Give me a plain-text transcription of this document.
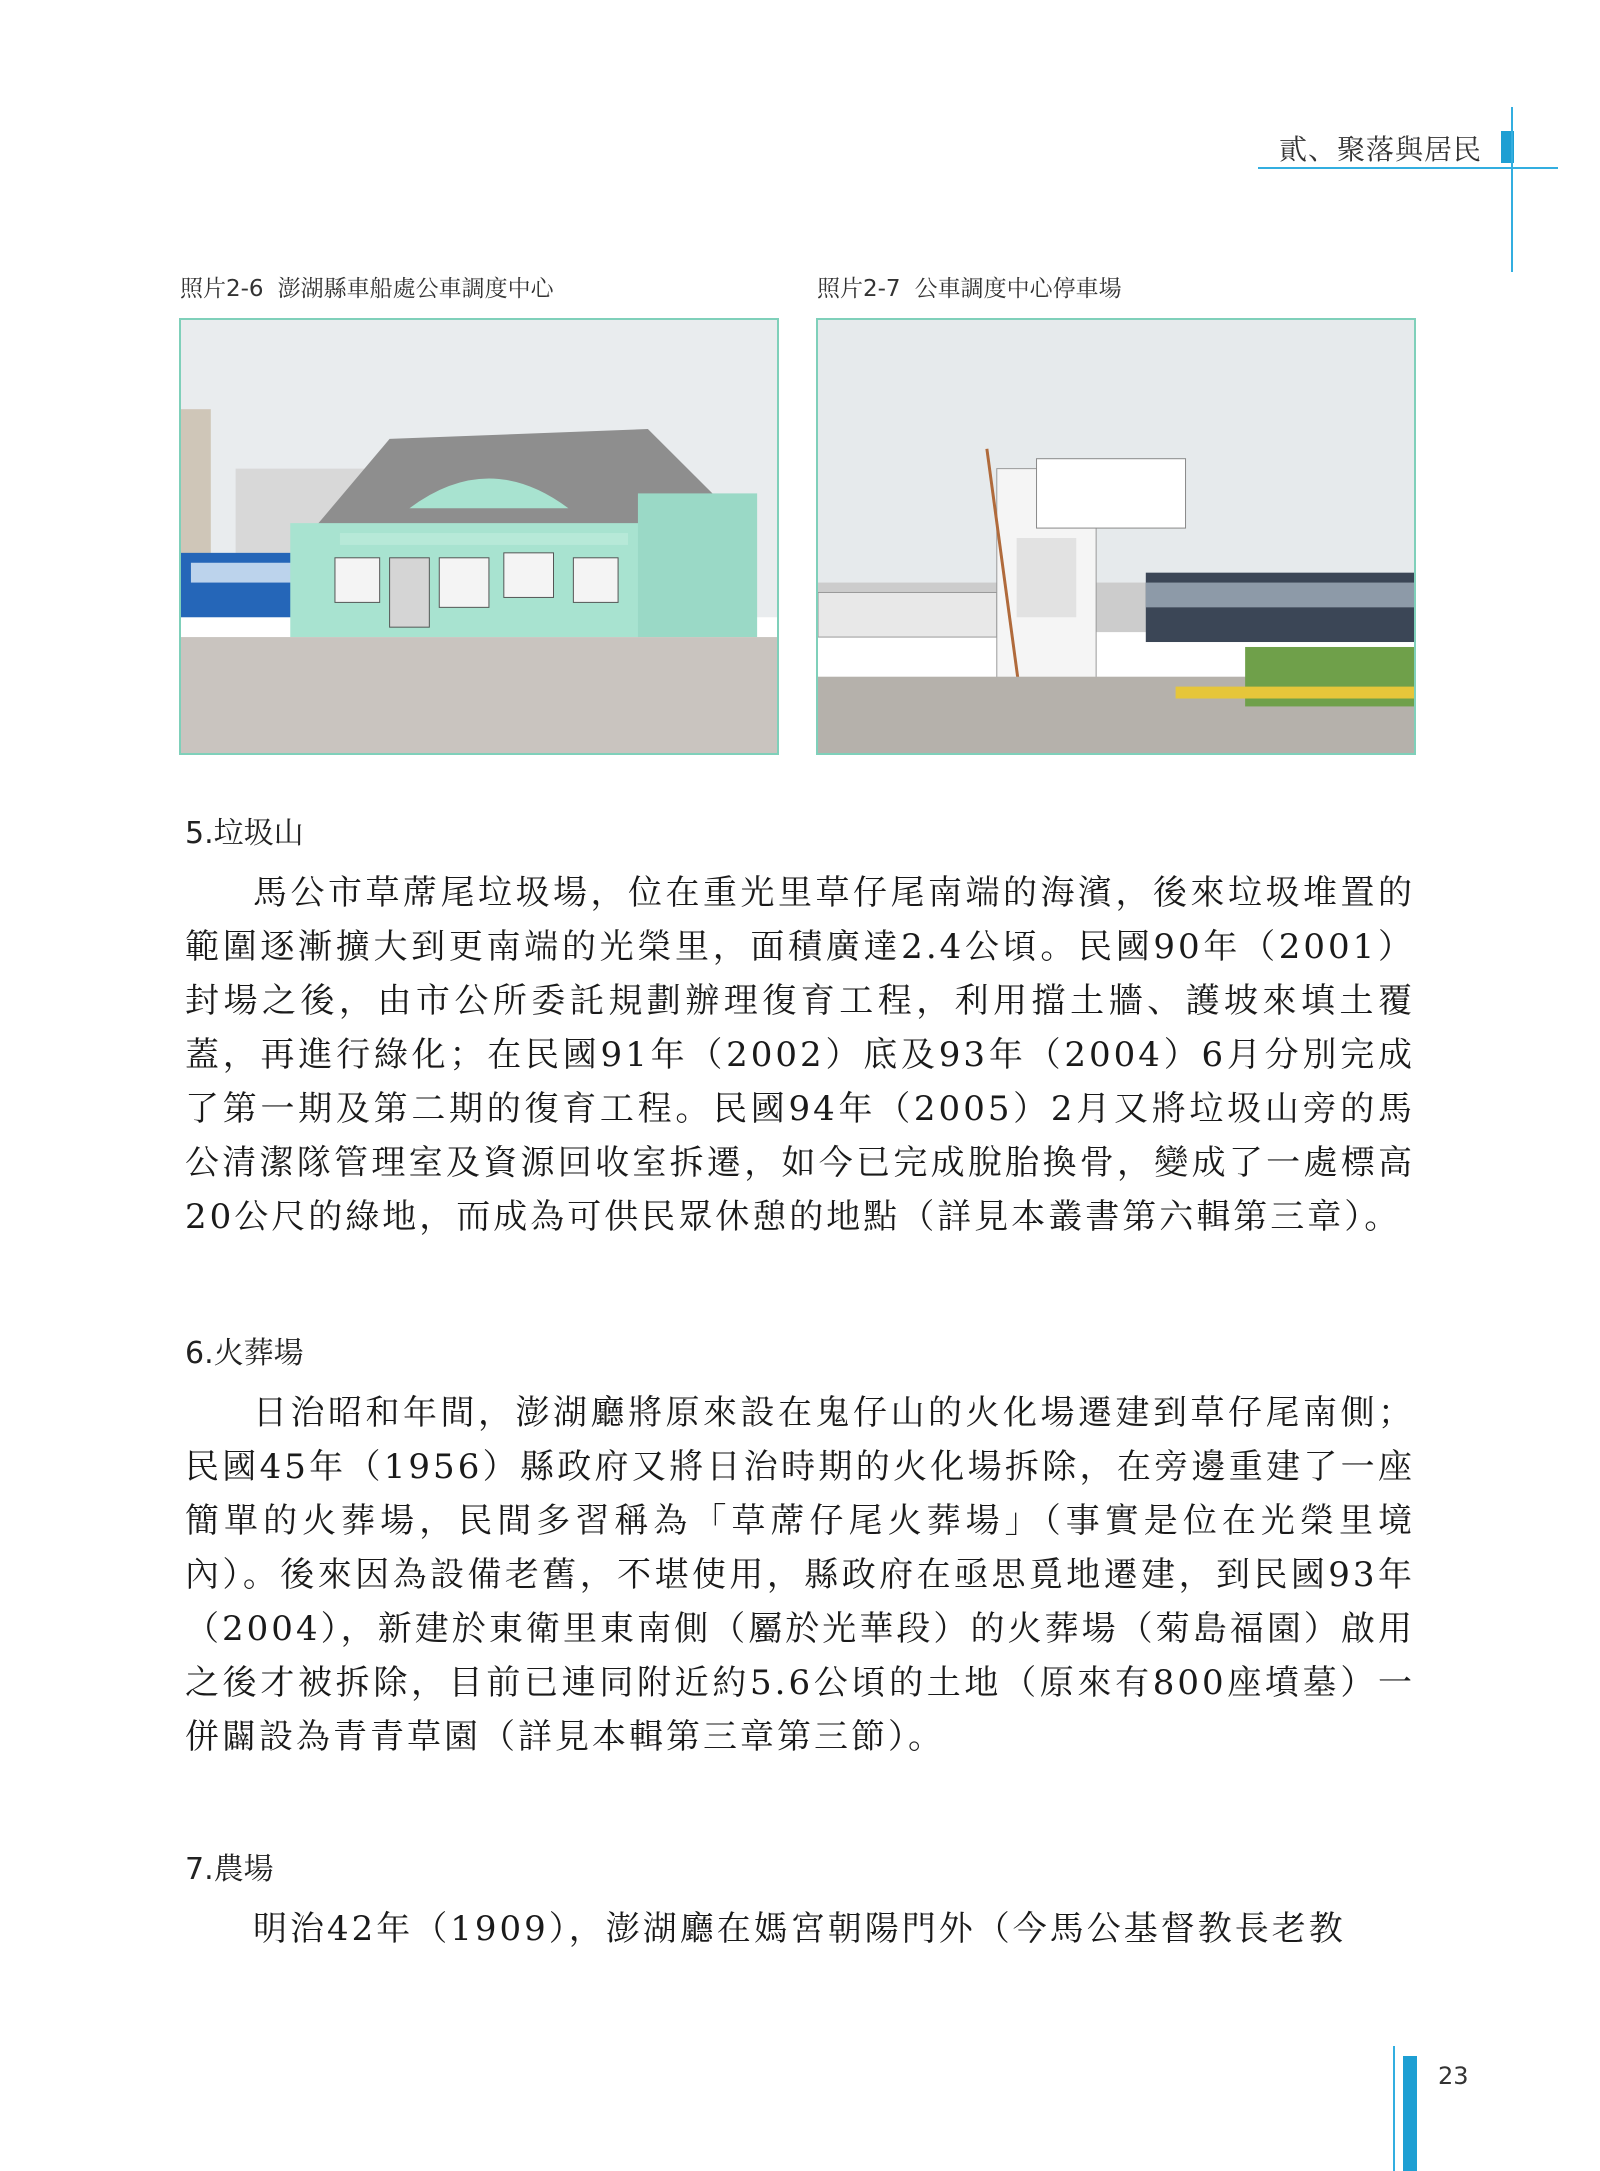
貳、聚落與居民
照片2-6 澎湖縣車船處公車調度中心	照片2-7 公車調度中心停車場
5.垃圾山

馬公市草蓆尾垃圾場，位在重光里草仔尾南端的海濱，後來垃圾堆置的範圍逐漸擴大到更南端的光榮里，面積廣達2.4公頃。民國90年（2001）封場之後，由市公所委託規劃辦理復育工程，利用擋土牆、護坡來填土覆蓋，再進行綠化；在民國91年（2002）底及93年（2004）6月分別完成了第一期及第二期的復育工程。民國94年（2005）2月又將垃圾山旁的馬公清潔隊管理室及資源回收室拆遷，如今已完成脫胎換骨，變成了一處標高20公尺的綠地，而成為可供民眾休憩的地點（詳見本叢書第六輯第三章）。

6.火葬場

日治昭和年間，澎湖廳將原來設在鬼仔山的火化場遷建到草仔尾南側；民國45年（1956）縣政府又將日治時期的火化場拆除，在旁邊重建了一座簡單的火葬場，民間多習稱為「草蓆仔尾火葬場」（事實是位在光榮里境內）。後來因為設備老舊，不堪使用，縣政府在亟思覓地遷建，到民國93年（2004），新建於東衛里東南側（屬於光華段）的火葬場（菊島福園）啟用之後才被拆除，目前已連同附近約5.6公頃的土地（原來有800座墳墓）一併闢設為青青草園（詳見本輯第三章第三節）。

7.農場

明治42年（1909），澎湖廳在媽宮朝陽門外（今馬公基督教長老教

23
